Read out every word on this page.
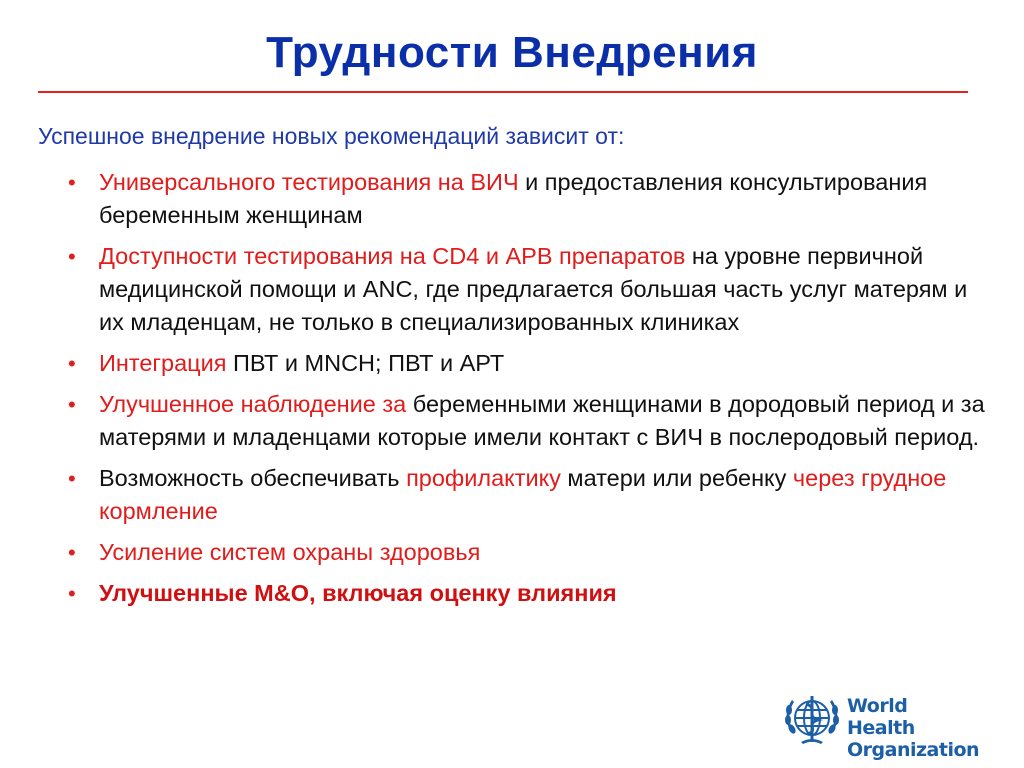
Трудности Внедрения
Успешное внедрение новых рекомендаций зависит от:
• Универсального тестирования на ВИЧ и предоставления консультирования беременным женщинам
• Доступности тестирования на CD4 и АРВ препаратов на уровне первичной медицинской помощи и ANC, где предлагается большая часть услуг матерям и их младенцам, не только в специализированных клиниках
• Интеграция ПВТ и MNCH; ПВТ и АРТ
• Улучшенное наблюдение за беременными женщинами в дородовый период и за матерями и младенцами которые имели контакт с ВИЧ в послеродовый период.
• Возможность обеспечивать профилактику матери или ребенку через грудное кормление
• Усиление систем охраны здоровья
• Улучшенные M&O, включая оценку влияния
World Health
Organization
